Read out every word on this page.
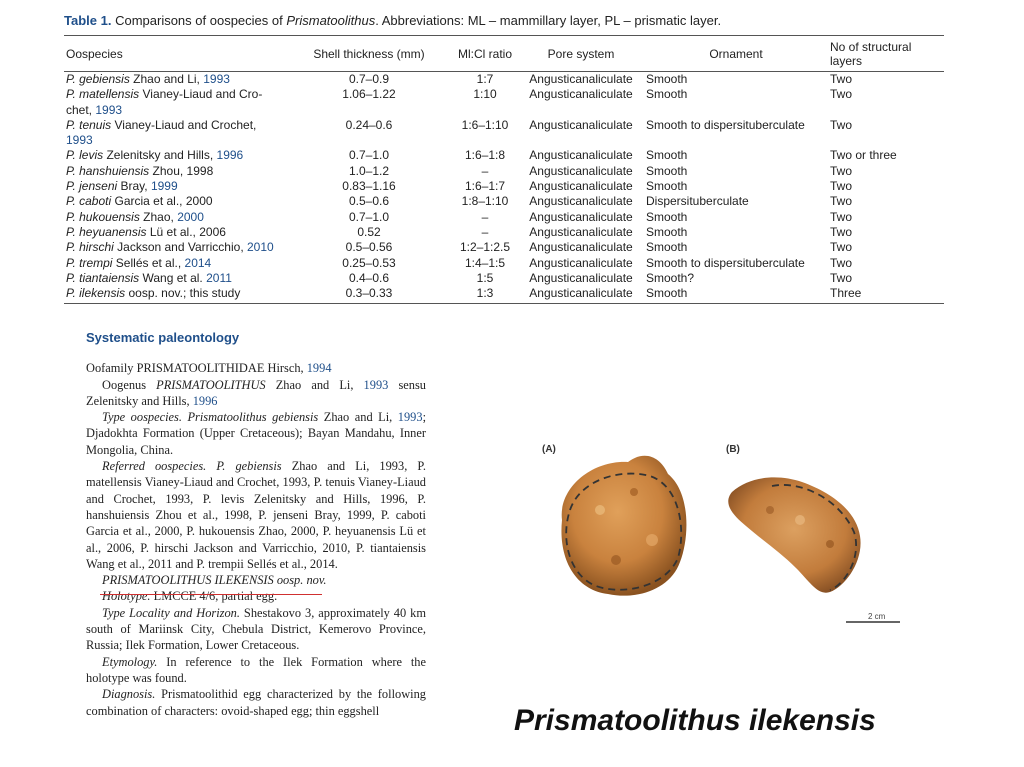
Table 1. Comparisons of oospecies of Prismatoolithus. Abbreviations: ML – mammillary layer, PL – prismatic layer.
Oospecies	Shell thickness (mm)	Ml:Cl ratio	Pore system	Ornament	No of structural layers
P. gebiensis Zhao and Li, 1993	0.7–0.9	1:7	Angusticanaliculate	Smooth	Two
P. matellensis Vianey-Liaud and Cro-chet, 1993	1.06–1.22	1:10	Angusticanaliculate	Smooth	Two
P. tenuis Vianey-Liaud and Crochet, 1993	0.24–0.6	1:6–1:10	Angusticanaliculate	Smooth to dispersituberculate	Two
P. levis Zelenitsky and Hills, 1996	0.7–1.0	1:6–1:8	Angusticanaliculate	Smooth	Two or three
P. hanshuiensis Zhou, 1998	1.0–1.2	–	Angusticanaliculate	Smooth	Two
P. jenseni Bray, 1999	0.83–1.16	1:6–1:7	Angusticanaliculate	Smooth	Two
P. caboti Garcia et al., 2000	0.5–0.6	1:8–1:10	Angusticanaliculate	Dispersituberculate	Two
P. hukouensis Zhao, 2000	0.7–1.0	–	Angusticanaliculate	Smooth	Two
P. heyuanensis Lü et al., 2006	0.52	–	Angusticanaliculate	Smooth	Two
P. hirschi Jackson and Varricchio, 2010	0.5–0.56	1:2–1:2.5	Angusticanaliculate	Smooth	Two
P. trempi Sellés et al., 2014	0.25–0.53	1:4–1:5	Angusticanaliculate	Smooth to dispersituberculate	Two
P. tiantaiensis Wang et al. 2011	0.4–0.6	1:5	Angusticanaliculate	Smooth?	Two
P. ilekensis oosp. nov.; this study	0.3–0.33	1:3	Angusticanaliculate	Smooth	Three
Systematic paleontology

Oofamily PRISMATOOLITHIDAE Hirsch, 1994

Oogenus PRISMATOOLITHUS Zhao and Li, 1993 sensu Zelenitsky and Hills, 1996

Type oospecies. Prismatoolithus gebiensis Zhao and Li, 1993; Djadokhta Formation (Upper Cretaceous); Bayan Mandahu, Inner Mongolia, China.

Referred oospecies. P. gebiensis Zhao and Li, 1993, P. matellensis Vianey-Liaud and Crochet, 1993, P. tenuis Vianey-Liaud and Crochet, 1993, P. levis Zelenitsky and Hills, 1996, P. hanshuiensis Zhou et al., 1998, P. jenseni Bray, 1999, P. caboti Garcia et al., 2000, P. hukouensis Zhao, 2000, P. heyuanensis Lü et al., 2006, P. hirschi Jackson and Varricchio, 2010, P. tiantaiensis Wang et al., 2011 and P. trempii Sellés et al., 2014.

PRISMATOOLITHUS ILEKENSIS oosp. nov.

Holotype. LMCCE 4/6, partial egg.

Type Locality and Horizon. Shestakovo 3, approximately 40 km south of Mariinsk City, Chebula District, Kemerovo Province, Russia; Ilek Formation, Lower Cretaceous.

Etymology. In reference to the Ilek Formation where the holotype was found.

Diagnosis. Prismatoolithid egg characterized by the following combination of characters: ovoid-shaped egg; thin eggshell

(A)	(B)
2 cm
Prismatoolithus ilekensis
